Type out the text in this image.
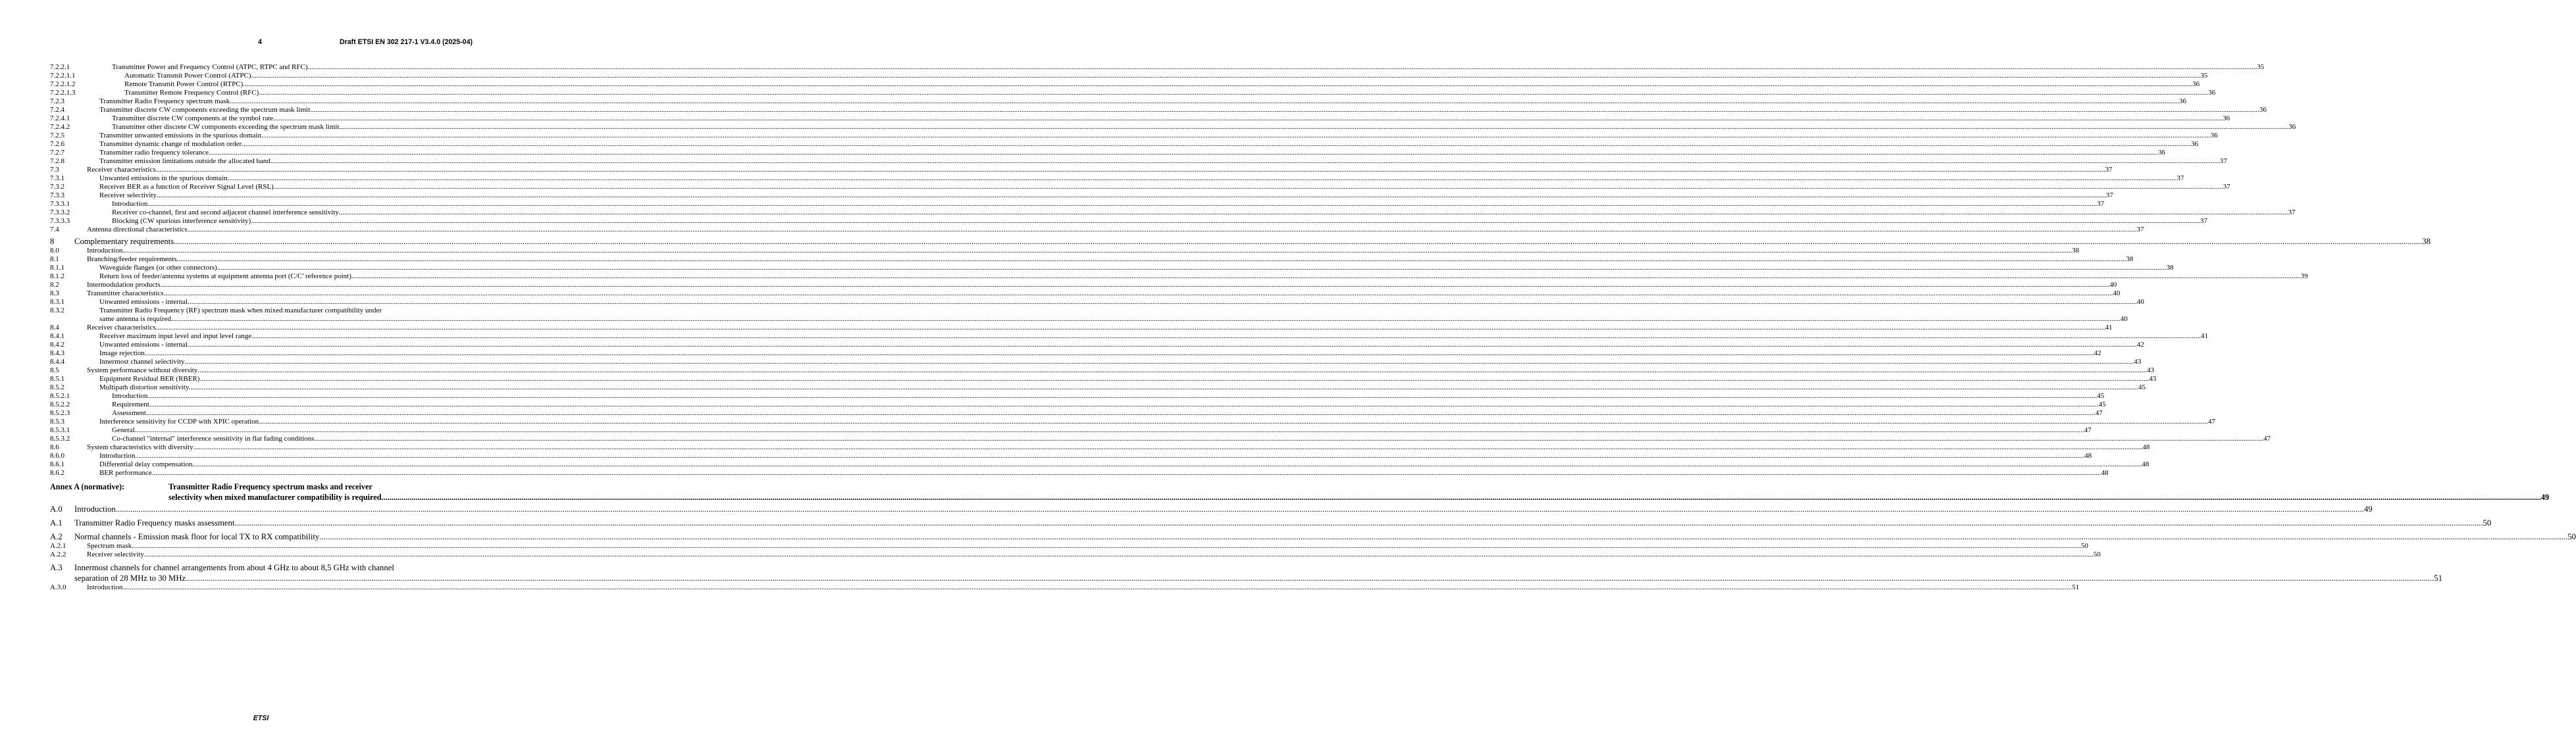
4	Draft ETSI EN 302 217-1 V3.4.0 (2025-04)
7.2.2.1	Transmitter Power and Frequency Control (ATPC, RTPC and RFC) .....	35
7.2.2.1.1	Automatic Transmit Power Control (ATPC) .....	35
7.2.2.1.2	Remote Transmit Power Control (RTPC) .....	36
7.2.2.1.3	Transmitter Remote Frequency Control (RFC) .....	36
7.2.3	Transmitter Radio Frequency spectrum mask .....	36
7.2.4	Transmitter discrete CW components exceeding the spectrum mask limit .....	36
7.2.4.1	Transmitter discrete CW components at the symbol rate .....	36
7.2.4.2	Transmitter other discrete CW components exceeding the spectrum mask limit .....	36
7.2.5	Transmitter unwanted emissions in the spurious domain .....	36
7.2.6	Transmitter dynamic change of modulation order .....	36
7.2.7	Transmitter radio frequency tolerance .....	36
7.2.8	Transmitter emission limitations outside the allocated band .....	37
7.3	Receiver characteristics .....	37
7.3.1	Unwanted emissions in the spurious domain .....	37
7.3.2	Receiver BER as a function of Receiver Signal Level (RSL) .....	37
7.3.3	Receiver selectivity .....	37
7.3.3.1	Introduction .....	37
7.3.3.2	Receiver co-channel, first and second adjacent channel interference sensitivity .....	37
7.3.3.3	Blocking (CW spurious interference sensitivity) .....	37
7.4	Antenna directional characteristics .....	37
8 Complementary requirements .....	38
8.0	Introduction .....	38
8.1	Branching/feeder requirements .....	38
8.1.1	Waveguide flanges (or other connectors) .....	38
8.1.2	Return loss of feeder/antenna systems at equipment antenna port (C/C' reference point) .....	39
8.2	Intermodulation products .....	40
8.3	Transmitter characteristics .....	40
8.3.1	Unwanted emissions - internal .....	40
8.3.2	Transmitter Radio Frequency (RF) spectrum mask when mixed manufacturer compatibility under
same antenna is required .....	40
8.4	Receiver characteristics .....	41
8.4.1	Receiver maximum input level and input level range .....	41
8.4.2	Unwanted emissions - internal .....	42
8.4.3	Image rejection .....	42
8.4.4	Innermost channel selectivity .....	43
8.5	System performance without diversity .....	43
8.5.1	Equipment Residual BER (RBER) .....	43
8.5.2	Multipath distortion sensitivity .....	45
8.5.2.1	Introduction .....	45
8.5.2.2	Requirement .....	45
8.5.2.3	Assessment .....	47
8.5.3	Interference sensitivity for CCDP with XPIC operation .....	47
8.5.3.1	General .....	47
8.5.3.2	Co-channel "internal" interference sensitivity in flat fading conditions .....	47
8.6	System characteristics with diversity .....	48
8.6.0	Introduction .....	48
8.6.1	Differential delay compensation .....	48
8.6.2	BER performance .....	48
Annex A (normative):	Transmitter Radio Frequency spectrum masks and receiver
selectivity when mixed manufacturer compatibility is required .....	49
A.0 Introduction .....	49
A.1 Transmitter Radio Frequency masks assessment .....	50
A.2 Normal channels - Emission mask floor for local TX to RX compatibility .....	50
A.2.1	Spectrum mask .....	50
A.2.2	Receiver selectivity .....	50
A.3 Innermost channels for channel arrangements from about 4 GHz to about 8,5 GHz with channel
separation of 28 MHz to 30 MHz .....	51
A.3.0	Introduction .....	51
ETSI
